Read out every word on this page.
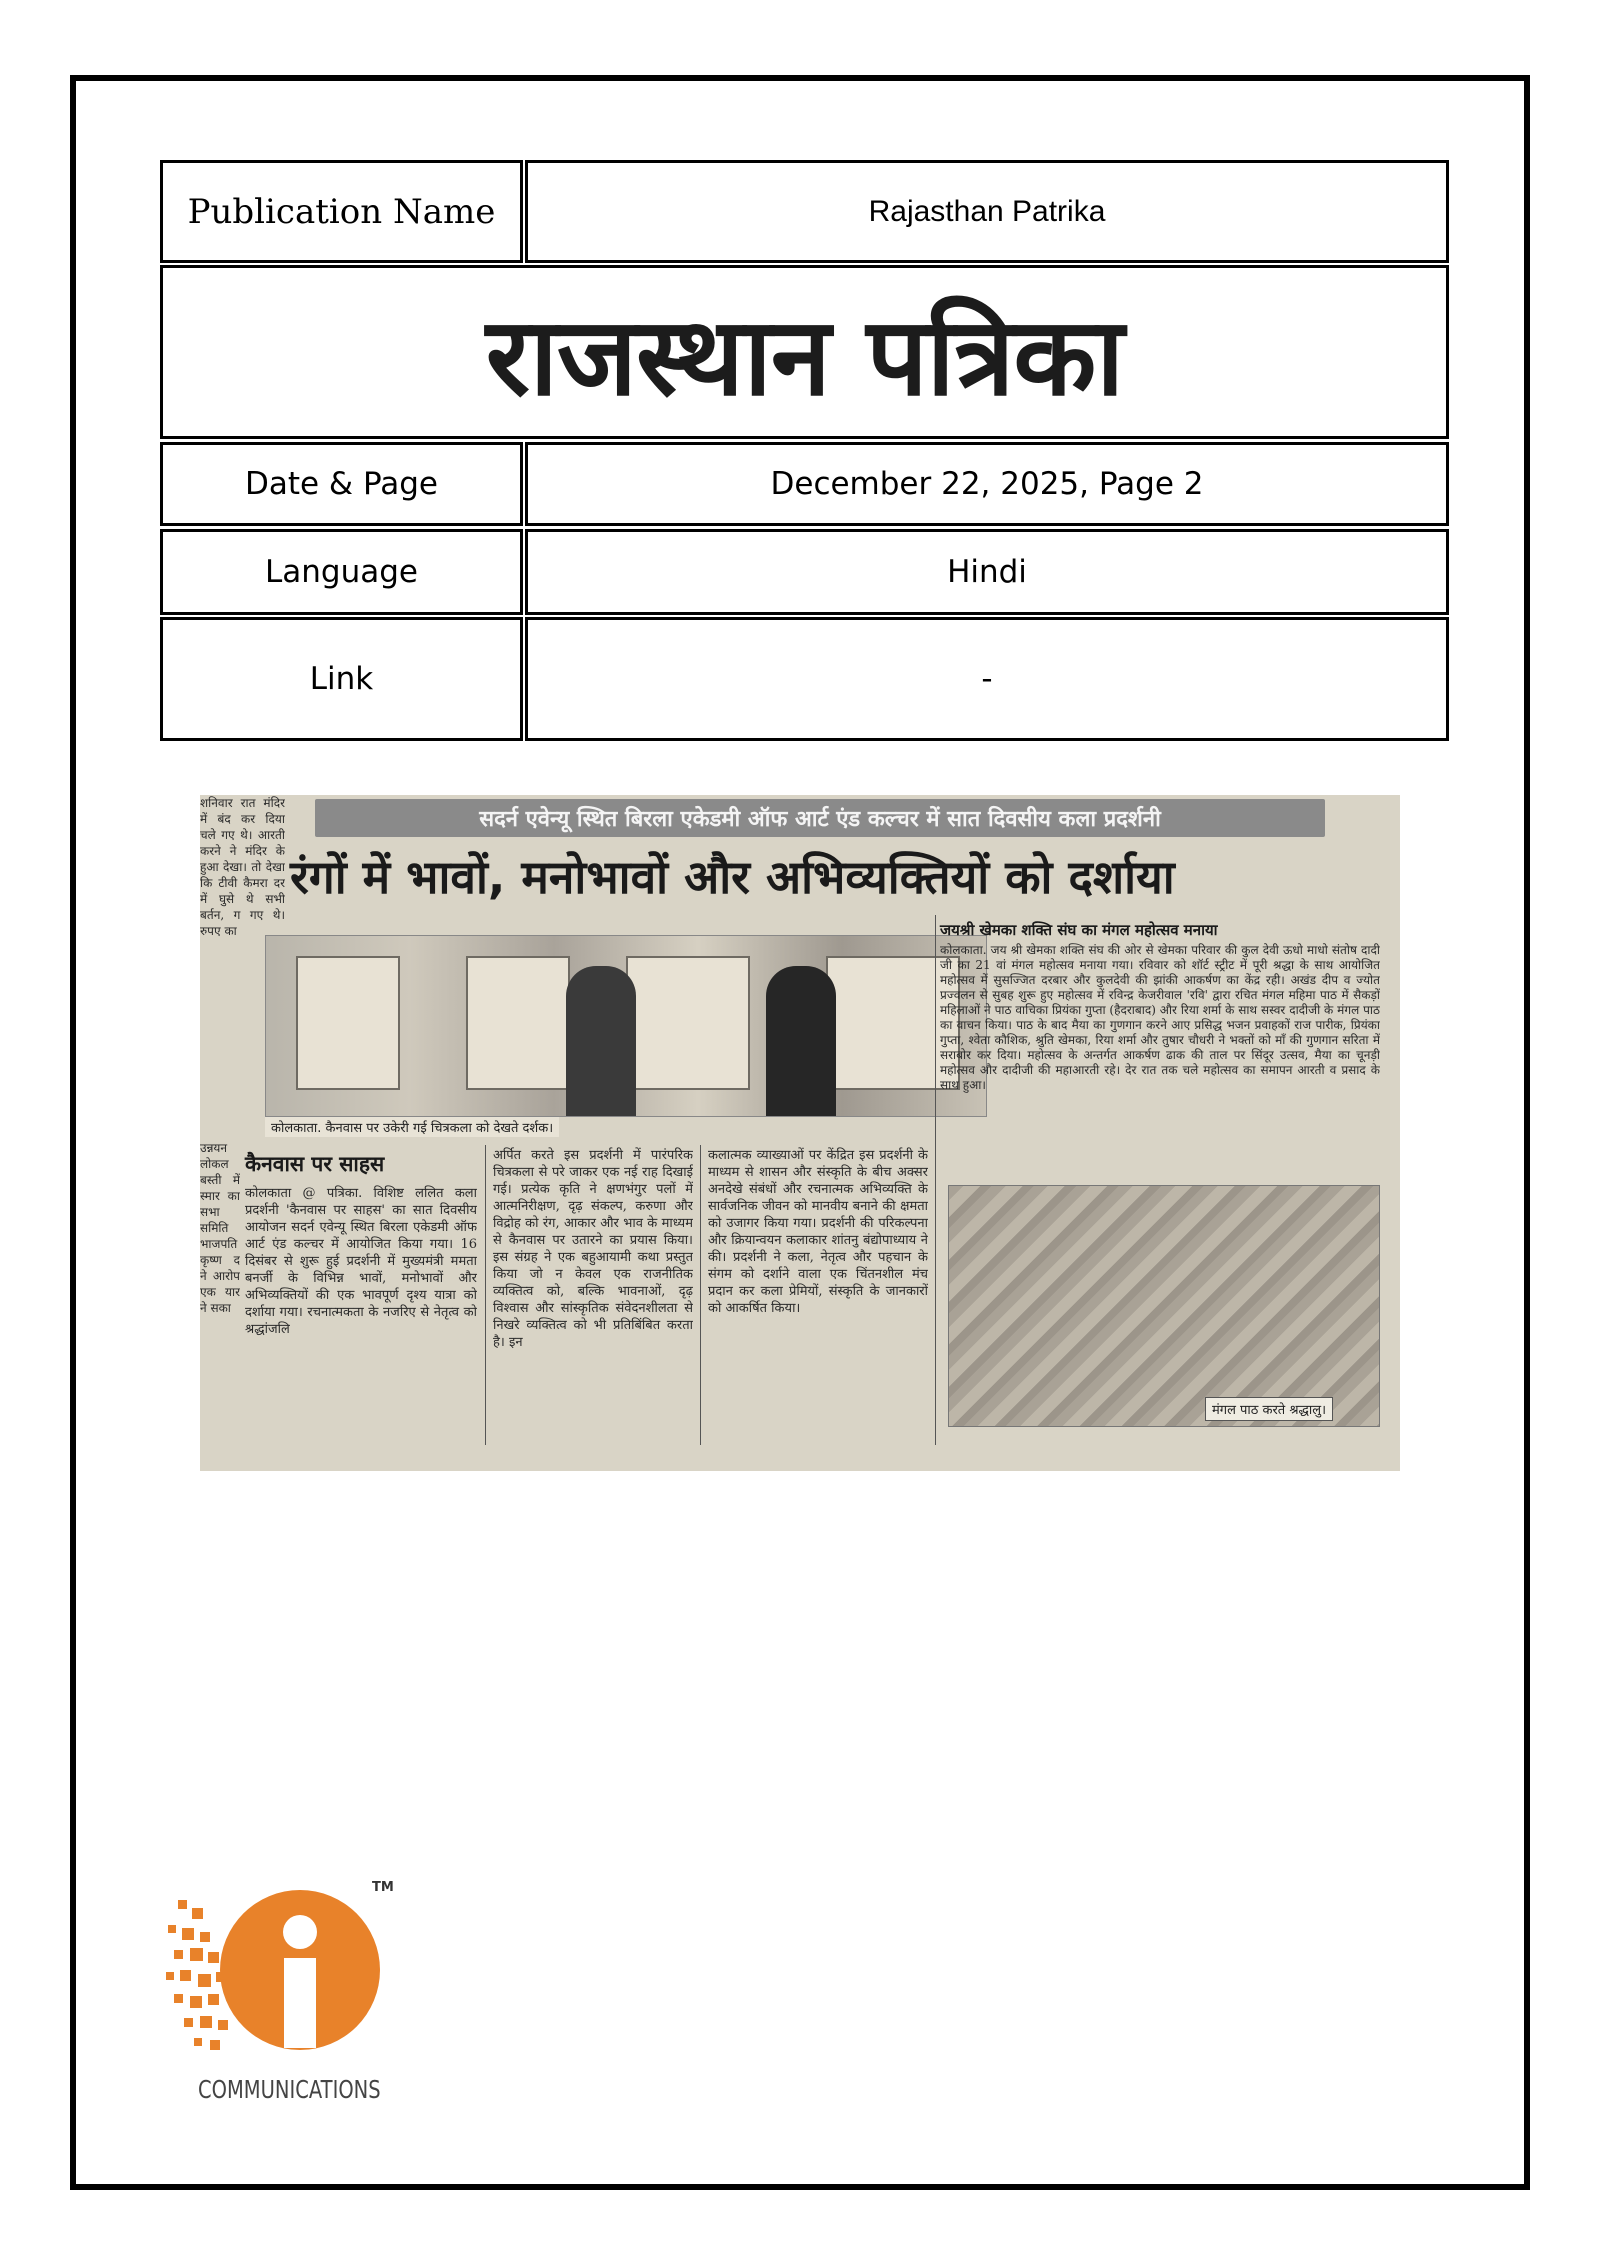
Publication Name	Rajasthan Patrika
राजस्थान पत्रिका
Date & Page	December 22, 2025, Page 2
Language	Hindi
Link	-
शनिवार रात मंदिर में बंद कर दिया चले गए थे। आरती करने ने मंदिर के हुआ देखा। तो देखा कि टीवी कैमरा दर में घुसे थे सभी बर्तन, ग गए थे। रुपए का
उन्नयन लोकल बस्ती में स्मार का सभा समिति भाजपति कृष्ण द ने आरोप एक यार ने सका
सदर्न एवेन्यू स्थित बिरला एकेडमी ऑफ आर्ट एंड कल्चर में सात दिवसीय कला प्रदर्शनी
रंगों में भावों, मनोभावों और अभिव्यक्तियों को दर्शाया
कोलकाता. कैनवास पर उकेरी गई चित्रकला को देखते दर्शक।
कैनवास पर साहस
कोलकाता @ पत्रिका. विशिष्ट ललित कला प्रदर्शनी 'कैनवास पर साहस' का सात दिवसीय आयोजन सदर्न एवेन्यू स्थित बिरला एकेडमी ऑफ आर्ट एंड कल्चर में आयोजित किया गया। 16 दिसंबर से शुरू हुई प्रदर्शनी में मुख्यमंत्री ममता बनर्जी के विभिन्न भावों, मनोभावों और अभिव्यक्तियों की एक भावपूर्ण दृश्य यात्रा को दर्शाया गया। रचनात्मकता के नजरिए से नेतृत्व को श्रद्धांजलि
अर्पित करते इस प्रदर्शनी में पारंपरिक चित्रकला से परे जाकर एक नई राह दिखाई गई। प्रत्येक कृति ने क्षणभंगुर पलों में आत्मनिरीक्षण, दृढ़ संकल्प, करुणा और विद्रोह को रंग, आकार और भाव के माध्यम से कैनवास पर उतारने का प्रयास किया। इस संग्रह ने एक बहुआयामी कथा प्रस्तुत किया जो न केवल एक राजनीतिक व्यक्तित्व को, बल्कि भावनाओं, दृढ़ विश्वास और सांस्कृतिक संवेदनशीलता से निखरे व्यक्तित्व को भी प्रतिबिंबित करता है। इन
कलात्मक व्याख्याओं पर केंद्रित इस प्रदर्शनी के माध्यम से शासन और संस्कृति के बीच अक्सर अनदेखे संबंधों और रचनात्मक अभिव्यक्ति के सार्वजनिक जीवन को मानवीय बनाने की क्षमता को उजागर किया गया। प्रदर्शनी की परिकल्पना और क्रियान्वयन कलाकार शांतनु बंद्योपाध्याय ने की। प्रदर्शनी ने कला, नेतृत्व और पहचान के संगम को दर्शाने वाला एक चिंतनशील मंच प्रदान कर कला प्रेमियों, संस्कृति के जानकारों को आकर्षित किया।
जयश्री खेमका शक्ति संघ का मंगल महोत्सव मनाया
कोलकाता. जय श्री खेमका शक्ति संघ की ओर से खेमका परिवार की कुल देवी ऊधो माधो संतोष दादी जी का 21 वां मंगल महोत्सव मनाया गया। रविवार को शॉर्ट स्ट्रीट में पूरी श्रद्धा के साथ आयोजित महोत्सव में सुसज्जित दरबार और कुलदेवी की झांकी आकर्षण का केंद्र रही। अखंड दीप व ज्योत प्रज्वलन से सुबह शुरू हुए महोत्सव में रविन्द्र केजरीवाल 'रवि' द्वारा रचित मंगल महिमा पाठ में सैकड़ों महिलाओं ने पाठ वाचिका प्रियंका गुप्ता (हैदराबाद) और रिया शर्मा के साथ सस्वर दादीजी के मंगल पाठ का वाचन किया। पाठ के बाद मैया का गुणगान करने आए प्रसिद्ध भजन प्रवाहकों राज पारीक, प्रियंका गुप्ता, श्वेता कौशिक, श्रुति खेमका, रिया शर्मा और तुषार चौधरी ने भक्तों को माँ की गुणगान सरिता में सराबोर कर दिया। महोत्सव के अन्तर्गत आकर्षण ढाक की ताल पर सिंदूर उत्सव, मैया का चूनड़ी महोत्सव और दादीजी की महाआरती रहे। देर रात तक चले महोत्सव का समापन आरती व प्रसाद के साथ हुआ।
मंगल पाठ करते श्रद्धालु।
TM
COMMUNICATIONS
